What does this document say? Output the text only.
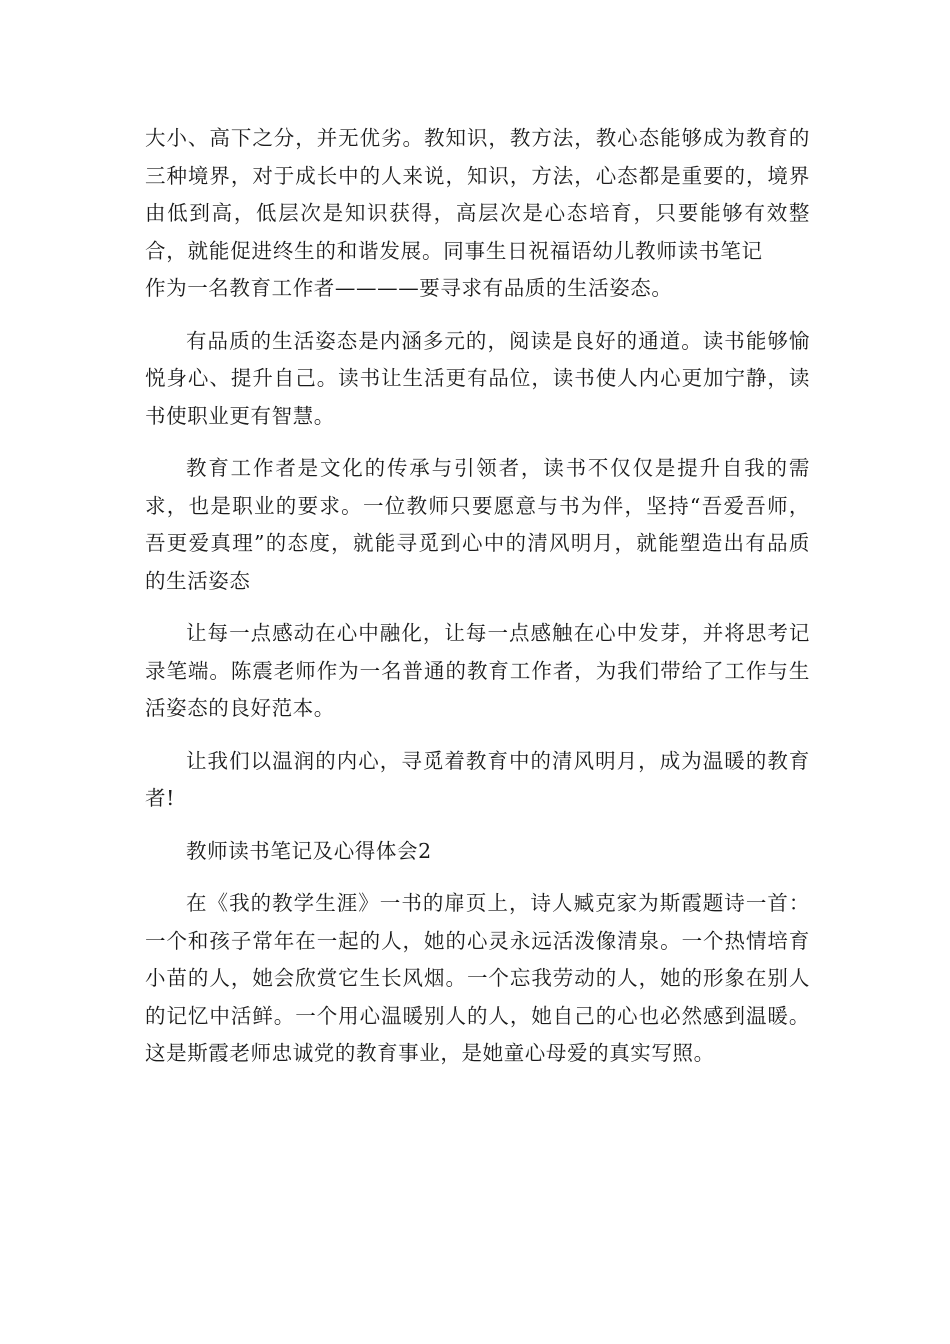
大小、高下之分，并无优劣。教知识，教方法，教心态能够成为教育的三种境界，对于成长中的人来说，知识，方法，心态都是重要的，境界由低到高，低层次是知识获得，高层次是心态培育，只要能够有效整合，就能促进终生的和谐发展。同事生日祝福语幼儿教师读书笔记作为一名教育工作者————要寻求有品质的生活姿态。

有品质的生活姿态是内涵多元的，阅读是良好的通道。读书能够愉悦身心、提升自己。读书让生活更有品位，读书使人内心更加宁静，读书使职业更有智慧。

教育工作者是文化的传承与引领者，读书不仅仅是提升自我的需求，也是职业的要求。一位教师只要愿意与书为伴，坚持“吾爱吾师，吾更爱真理”的态度，就能寻觅到心中的清风明月，就能塑造出有品质的生活姿态

让每一点感动在心中融化，让每一点感触在心中发芽，并将思考记录笔端。陈震老师作为一名普通的教育工作者，为我们带给了工作与生活姿态的良好范本。

让我们以温润的内心，寻觅着教育中的清风明月，成为温暖的教育者!

教师读书笔记及心得体会2

在《我的教学生涯》一书的扉页上，诗人臧克家为斯霞题诗一首：一个和孩子常年在一起的人，她的心灵永远活泼像清泉。一个热情培育小苗的人，她会欣赏它生长风烟。一个忘我劳动的人，她的形象在别人的记忆中活鲜。一个用心温暖别人的人，她自己的心也必然感到温暖。这是斯霞老师忠诚党的教育事业，是她童心母爱的真实写照。
